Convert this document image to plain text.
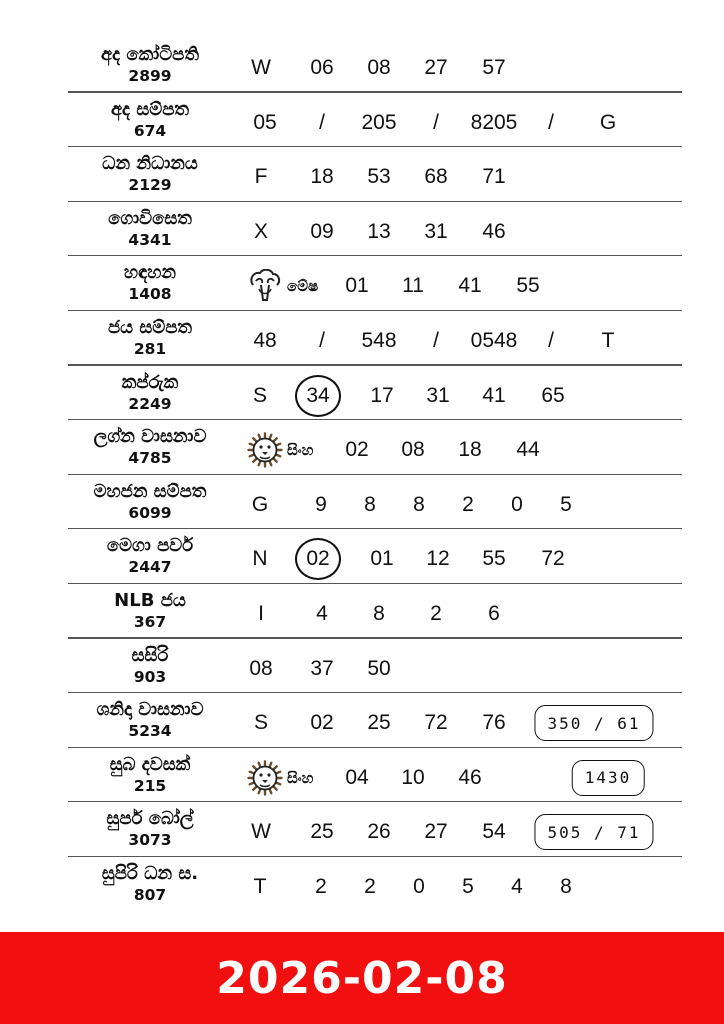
අද කෝටිපති
2899	W 06 08 27 57
අද සම්පත
674	05 / 205 / 8205 / G
ධන නිධානය
2129	F 18 53 68 71
ගොවිසෙත
4341	X 09 13 31 46
හඳහන
1408	මේෂ 01 11 41 55
ජය සම්පත
281	48 / 548 / 0548 / T
කප්රුක
2249	S	34	17 31 41 65
ලග්න වාසනාව
4785	සිංහ 02 08 18 44
මහජන සම්පත
6099	G 9 8 8 2 0 5
මෙගා පවර්
2447	N	02	01 12 55 72
NLB ජය
367	I 4 8 2 6
සසිරි
903	08 37 50
ශනිදා වාසනාව
5234	S 02 25 72 76	350 / 61
සුබ දවසක්
215	සිංහ 04 10 46	1430
සුපර් බෝල්
3073	W 25 26 27 54	505 / 71
සුපිරි ධන ස.
807	T 2 2 0 5 4 8
2026-02-08
